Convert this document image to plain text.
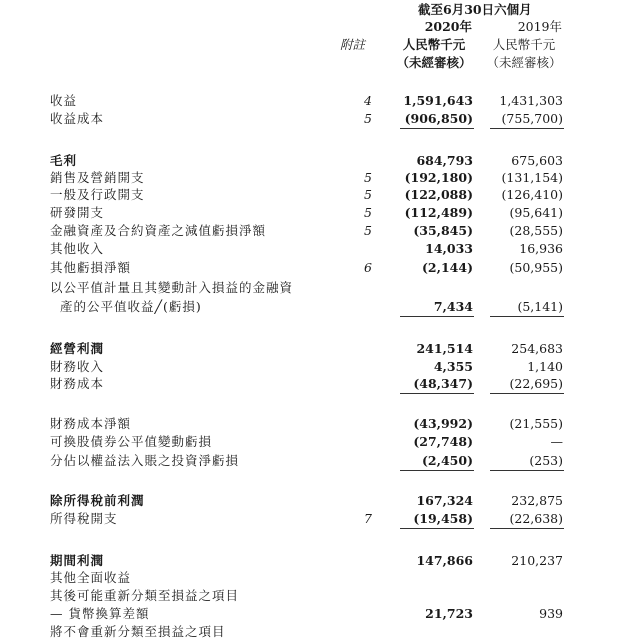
截至6月30日六個月
2020年	2019年
附註	人民幣千元	人民幣千元
（未經審核）	（未經審核）
收益	4	1,591,643	1,431,303
收益成本	5	(906,850)	(755,700)
毛利	684,793	675,603
銷售及營銷開支	5	(192,180)	(131,154)
一般及行政開支	5	(122,088)	(126,410)
研發開支	5	(112,489)	(95,641)
金融資產及合約資產之減值虧損淨額	5	(35,845)	(28,555)
其他收入	14,033	16,936
其他虧損淨額	6	(2,144)	(50,955)
以公平值計量且其變動計入損益的金融資
產的公平值收益╱(虧損)	7,434	(5,141)
經營利潤	241,514	254,683
財務收入	4,355	1,140
財務成本	(48,347)	(22,695)
財務成本淨額	(43,992)	(21,555)
可換股債券公平值變動虧損	(27,748)	—
分佔以權益法入賬之投資淨虧損	(2,450)	(253)
除所得稅前利潤	167,324	232,875
所得稅開支	7	(19,458)	(22,638)
期間利潤	147,866	210,237
其他全面收益
其後可能重新分類至損益之項目
— 貨幣換算差額	21,723	939
將不會重新分類至損益之項目
